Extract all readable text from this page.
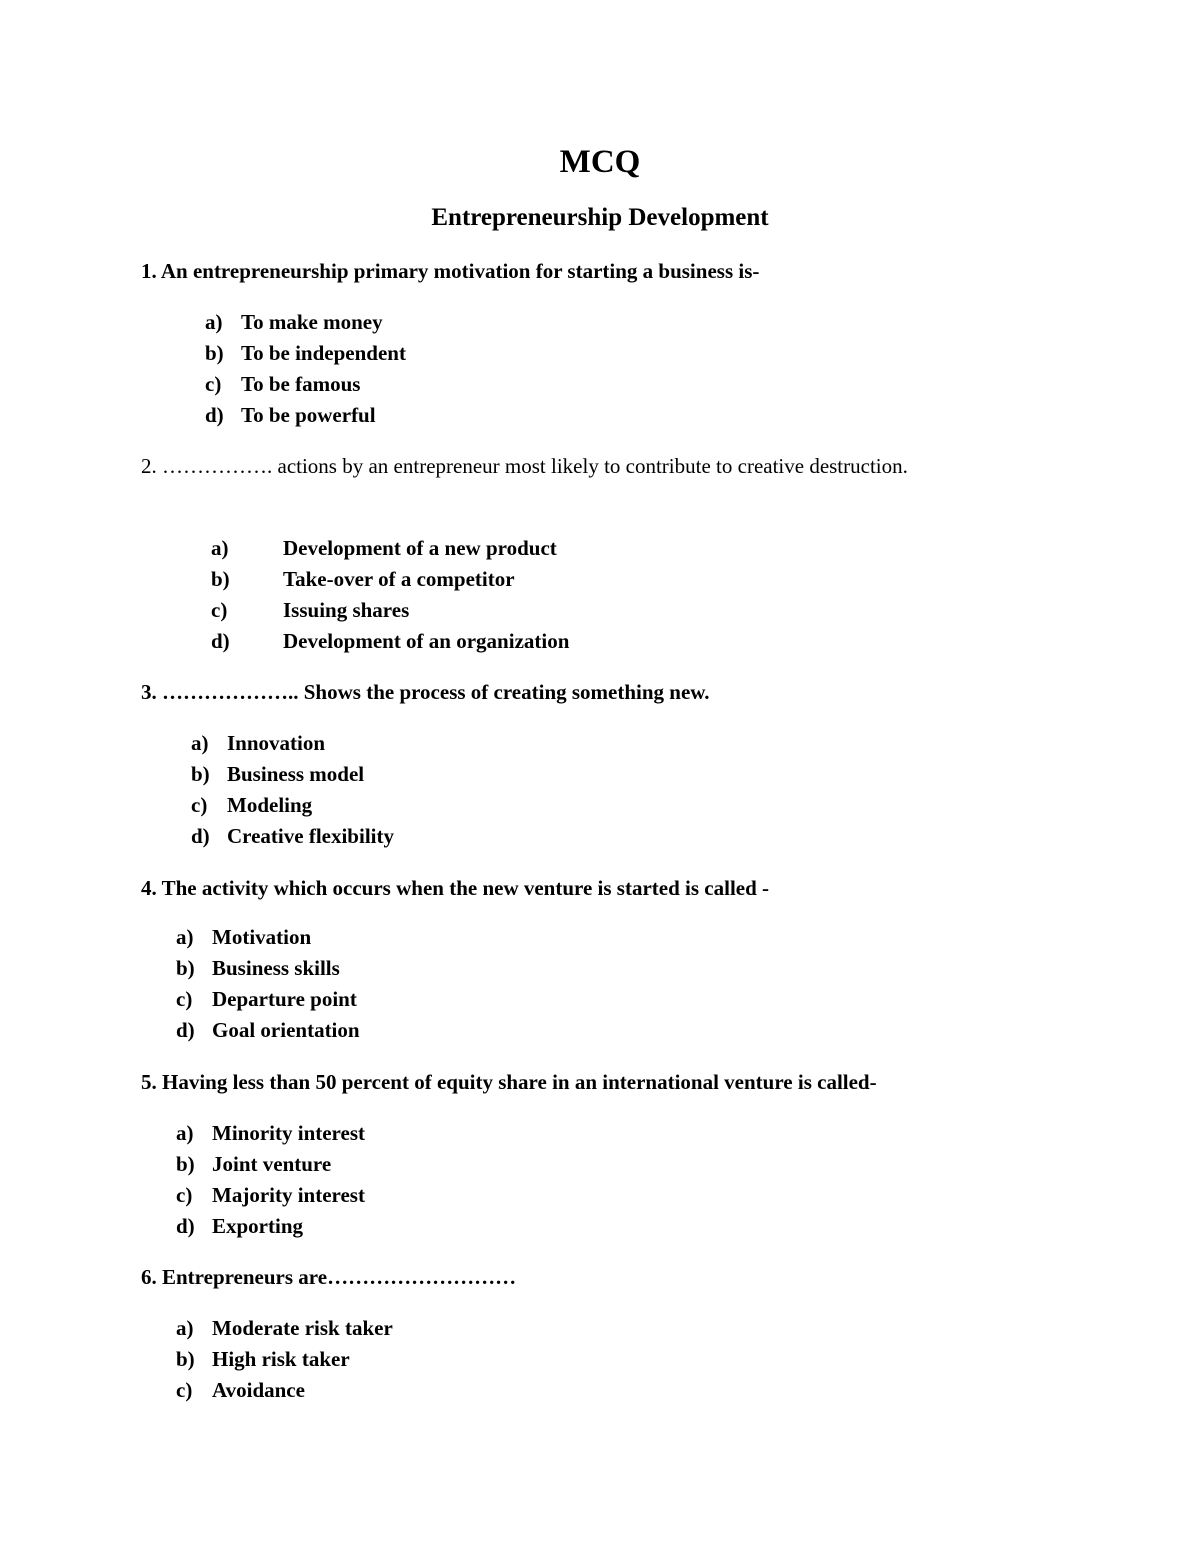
MCQ
Entrepreneurship Development

1. An entrepreneurship primary motivation for starting a business is-

a) To make money
b) To be independent
c) To be famous
d) To be powerful

2. ……………. actions by an entrepreneur most likely to contribute to creative destruction.

a)	Development of a new product
b)	Take-over of a competitor
c)	Issuing shares
d)	Development of an organization

3. ……………….. Shows the process of creating something new.

a) Innovation
b) Business model
c) Modeling
d) Creative flexibility

4. The activity which occurs when the new venture is started is called -

a) Motivation
b) Business skills
c) Departure point
d) Goal orientation

5. Having less than 50 percent of equity share in an international venture is called-

a) Minority interest
b) Joint venture
c) Majority interest
d) Exporting

6. Entrepreneurs are………………………

a) Moderate risk taker
b) High risk taker
c) Avoidance
